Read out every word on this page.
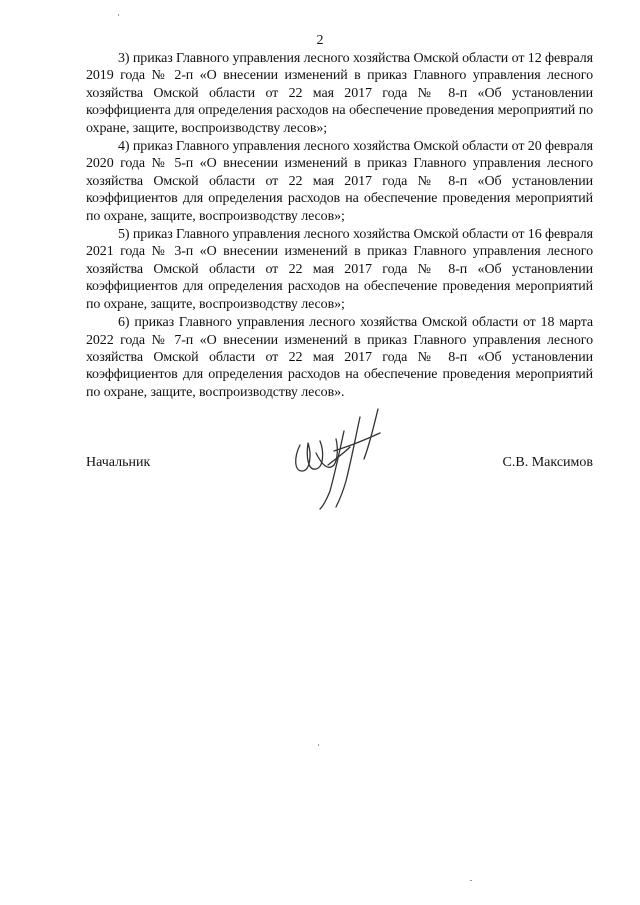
2

3) приказ Главного управления лесного хозяйства Омской области от 12 февраля 2019 года № 2-п «О внесении изменений в приказ Главного управления лесного хозяйства Омской области от 22 мая 2017 года № 8-п «Об установлении коэффициента для определения расходов на обеспечение проведения мероприятий по охране, защите, воспроизводству лесов»;

4) приказ Главного управления лесного хозяйства Омской области от 20 февраля 2020 года № 5-п «О внесении изменений в приказ Главного управления лесного хозяйства Омской области от 22 мая 2017 года № 8-п «Об установлении коэффициентов для определения расходов на обеспечение проведения мероприятий по охране, защите, воспроизводству лесов»;

5) приказ Главного управления лесного хозяйства Омской области от 16 февраля 2021 года № 3-п «О внесении изменений в приказ Главного управления лесного хозяйства Омской области от 22 мая 2017 года № 8-п «Об установлении коэффициентов для определения расходов на обеспечение проведения мероприятий по охране, защите, воспроизводству лесов»;

6) приказ Главного управления лесного хозяйства Омской области от 18 марта 2022 года № 7-п «О внесении изменений в приказ Главного управления лесного хозяйства Омской области от 22 мая 2017 года № 8-п «Об установлении коэффициентов для определения расходов на обеспечение проведения мероприятий по охране, защите, воспроизводству лесов».

Начальник	С.В. Максимов
